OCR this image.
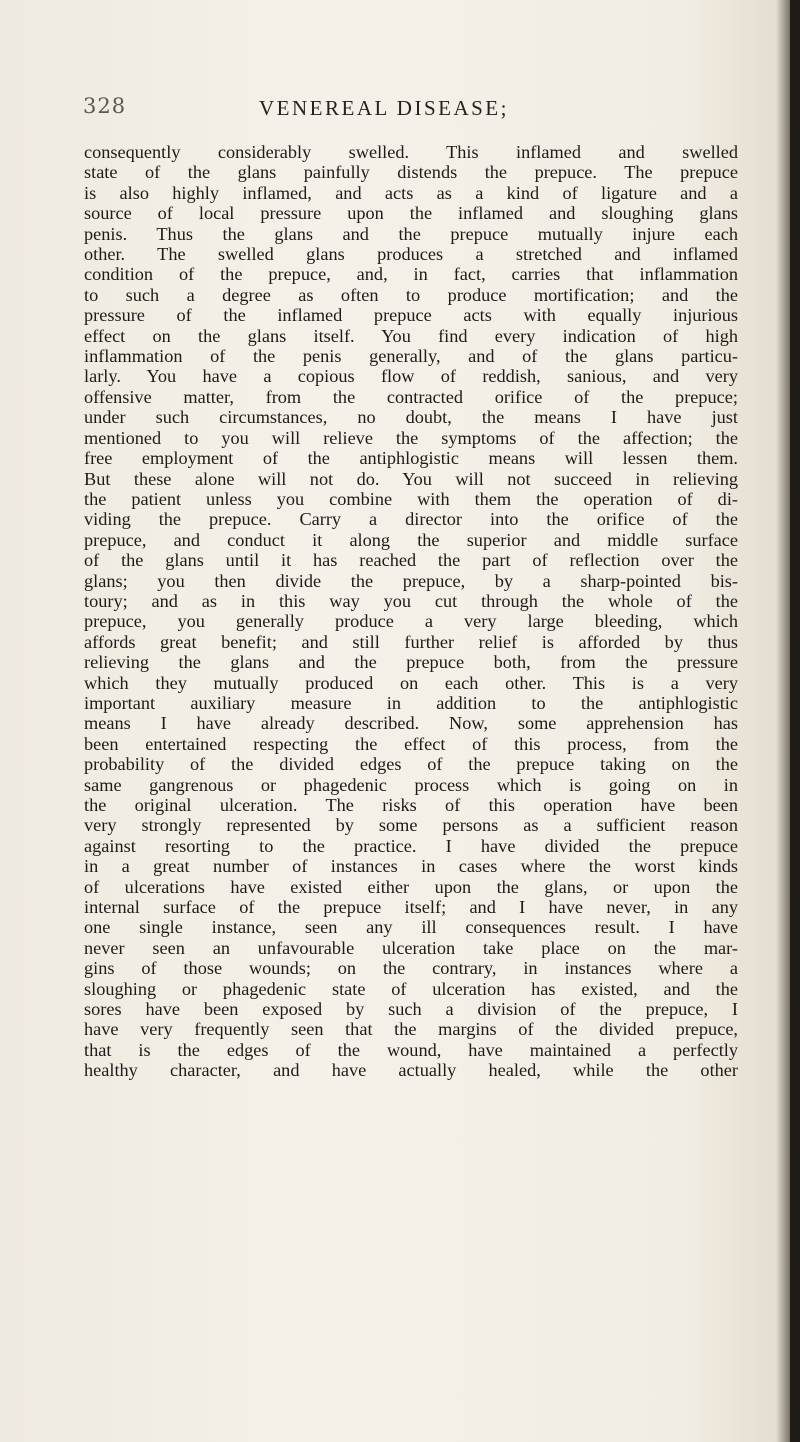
328	VENEREAL DISEASE;
consequently considerably swelled. This inflamed and swelled
state of the glans painfully distends the prepuce. The prepuce
is also highly inflamed, and acts as a kind of ligature and a
source of local pressure upon the inflamed and sloughing glans
penis. Thus the glans and the prepuce mutually injure each
other. The swelled glans produces a stretched and inflamed
condition of the prepuce, and, in fact, carries that inflammation
to such a degree as often to produce mortification; and the
pressure of the inflamed prepuce acts with equally injurious
effect on the glans itself. You find every indication of high
inflammation of the penis generally, and of the glans particu-
larly. You have a copious flow of reddish, sanious, and very
offensive matter, from the contracted orifice of the prepuce;
under such circumstances, no doubt, the means I have just
mentioned to you will relieve the symptoms of the affection; the
free employment of the antiphlogistic means will lessen them.
But these alone will not do. You will not succeed in relieving
the patient unless you combine with them the operation of di-
viding the prepuce. Carry a director into the orifice of the
prepuce, and conduct it along the superior and middle surface
of the glans until it has reached the part of reflection over the
glans; you then divide the prepuce, by a sharp-pointed bis-
toury; and as in this way you cut through the whole of the
prepuce, you generally produce a very large bleeding, which
affords great benefit; and still further relief is afforded by thus
relieving the glans and the prepuce both, from the pressure
which they mutually produced on each other. This is a very
important auxiliary measure in addition to the antiphlogistic
means I have already described. Now, some apprehension has
been entertained respecting the effect of this process, from the
probability of the divided edges of the prepuce taking on the
same gangrenous or phagedenic process which is going on in
the original ulceration. The risks of this operation have been
very strongly represented by some persons as a sufficient reason
against resorting to the practice. I have divided the prepuce
in a great number of instances in cases where the worst kinds
of ulcerations have existed either upon the glans, or upon the
internal surface of the prepuce itself; and I have never, in any
one single instance, seen any ill consequences result. I have
never seen an unfavourable ulceration take place on the mar-
gins of those wounds; on the contrary, in instances where a
sloughing or phagedenic state of ulceration has existed, and the
sores have been exposed by such a division of the prepuce, I
have very frequently seen that the margins of the divided prepuce,
that is the edges of the wound, have maintained a perfectly
healthy character, and have actually healed, while the other
